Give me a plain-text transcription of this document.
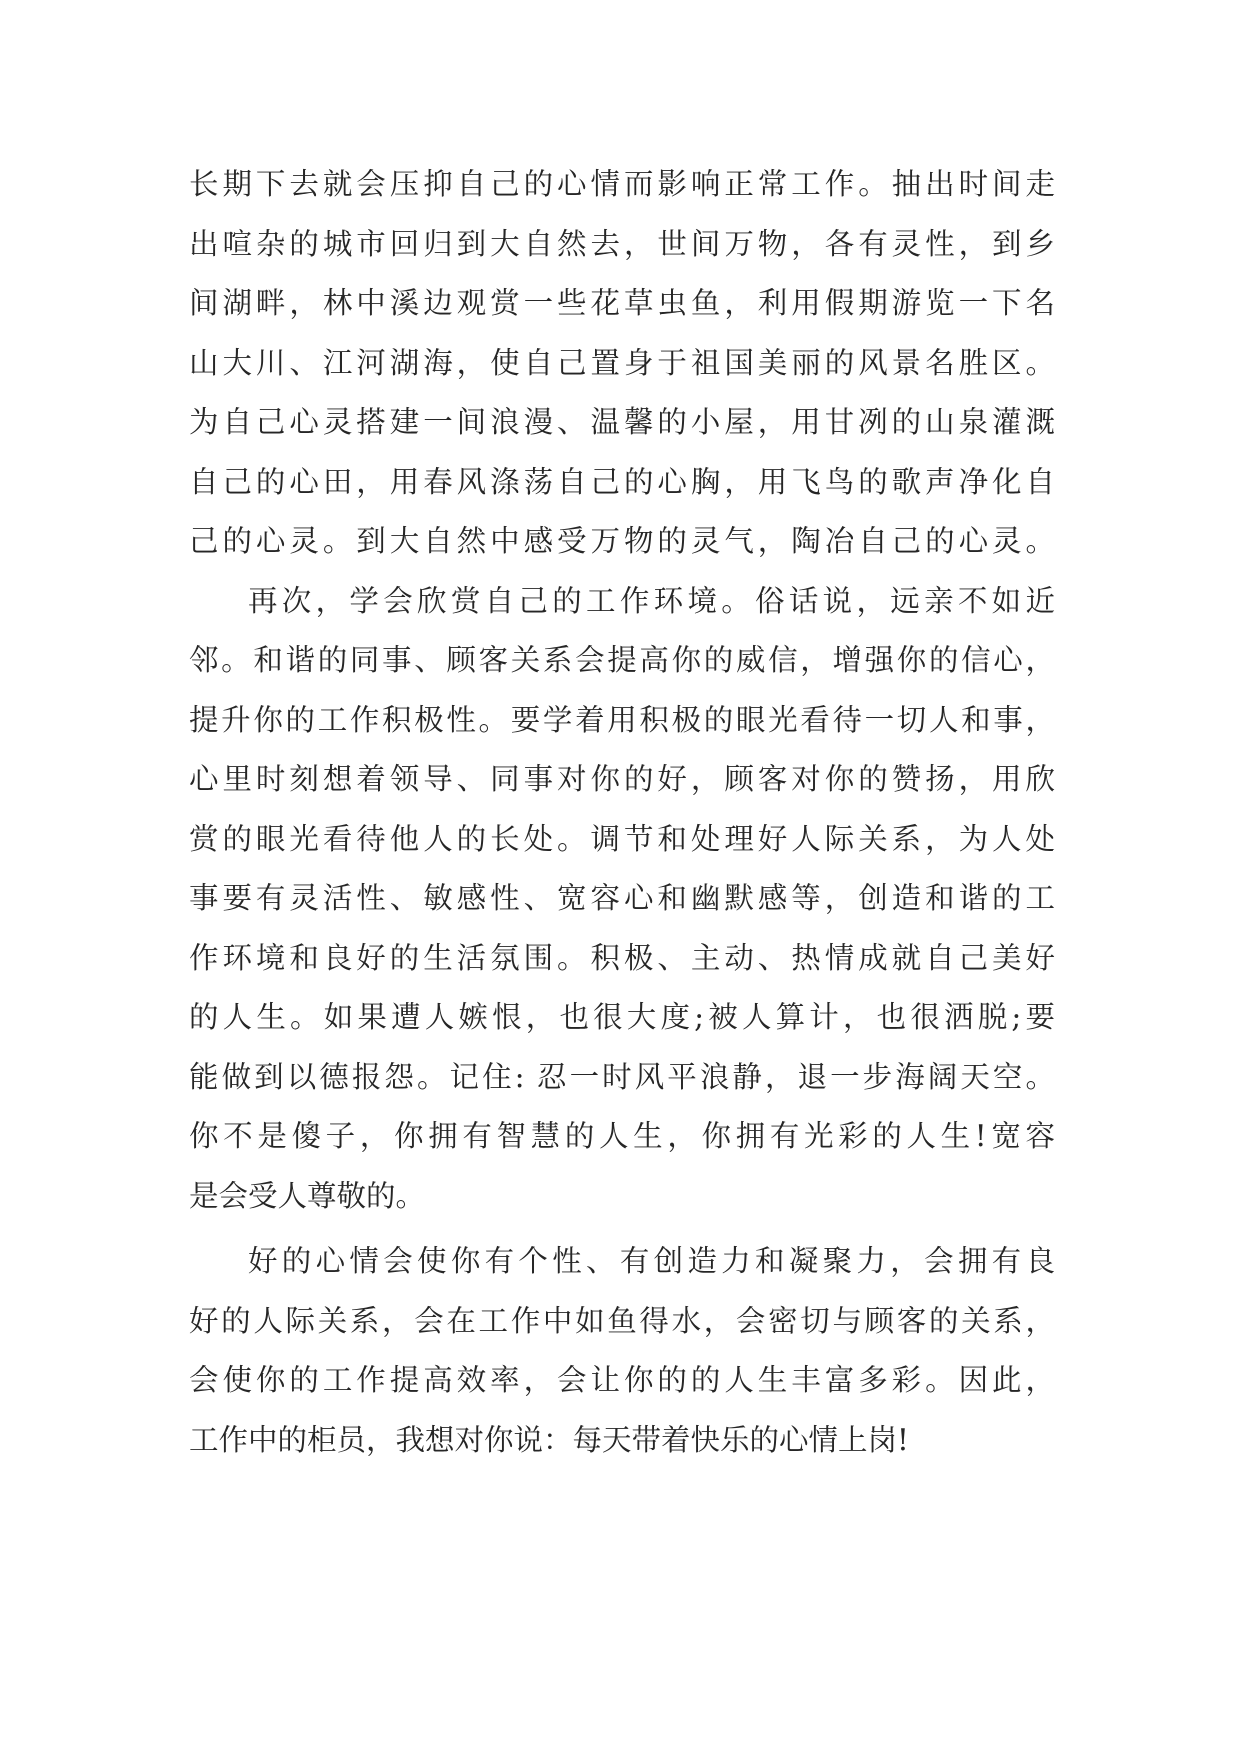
长期下去就会压抑自己的心情而影响正常工作。抽出时间走
出喧杂的城市回归到大自然去，世间万物，各有灵性，到乡
间湖畔，林中溪边观赏一些花草虫鱼，利用假期游览一下名
山大川、江河湖海，使自己置身于祖国美丽的风景名胜区。
为自己心灵搭建一间浪漫、温馨的小屋，用甘冽的山泉灌溉
自己的心田，用春风涤荡自己的心胸，用飞鸟的歌声净化自
己的心灵。到大自然中感受万物的灵气，陶冶自己的心灵。
再次，学会欣赏自己的工作环境。俗话说，远亲不如近
邻。和谐的同事、顾客关系会提高你的威信，增强你的信心，
提升你的工作积极性。要学着用积极的眼光看待一切人和事，
心里时刻想着领导、同事对你的好，顾客对你的赞扬，用欣
赏的眼光看待他人的长处。调节和处理好人际关系，为人处
事要有灵活性、敏感性、宽容心和幽默感等，创造和谐的工
作环境和良好的生活氛围。积极、主动、热情成就自己美好
的人生。如果遭人嫉恨，也很大度;被人算计，也很洒脱;要
能做到以德报怨。记住: 忍一时风平浪静，退一步海阔天空。
你不是傻子，你拥有智慧的人生，你拥有光彩的人生!宽容
是会受人尊敬的。
好的心情会使你有个性、有创造力和凝聚力，会拥有良
好的人际关系，会在工作中如鱼得水，会密切与顾客的关系，
会使你的工作提高效率，会让你的的人生丰富多彩。因此，
工作中的柜员，我想对你说：每天带着快乐的心情上岗!
